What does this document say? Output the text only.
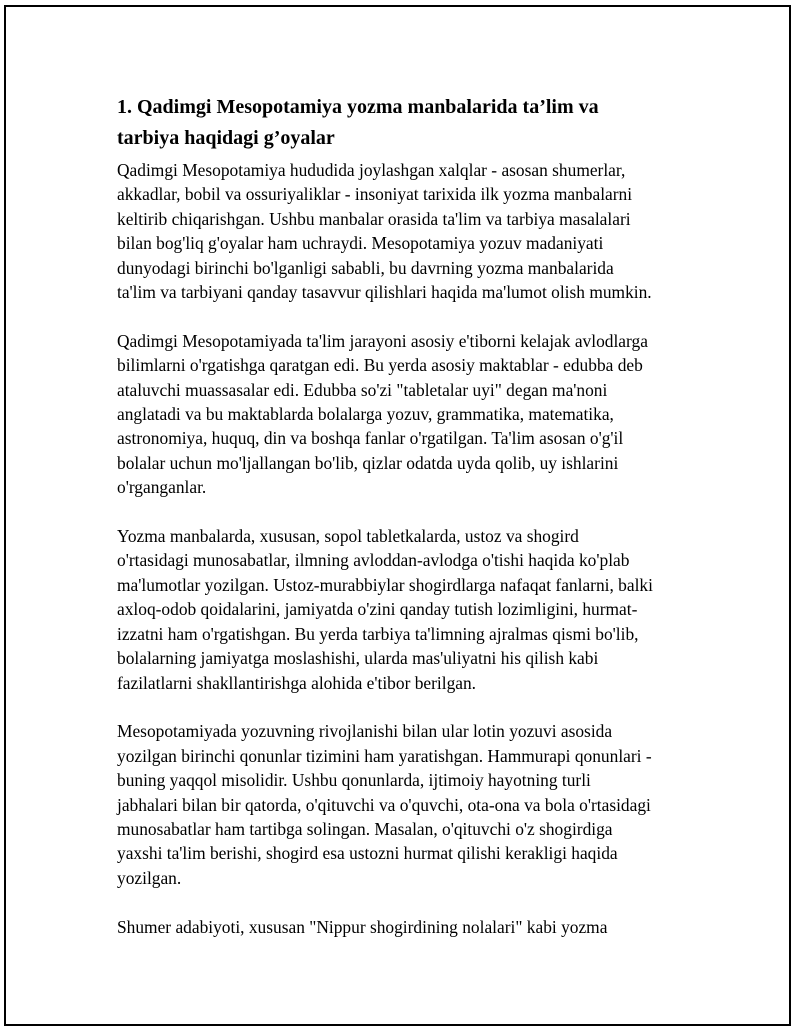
1. Qadimgi Mesopotamiya yozma manbalarida ta’lim va
tarbiya haqidagi g’oyalar

Qadimgi Mesopotamiya hududida joylashgan xalqlar - asosan shumerlar,
akkadlar, bobil va ossuriyaliklar - insoniyat tarixida ilk yozma manbalarni
keltirib chiqarishgan. Ushbu manbalar orasida ta'lim va tarbiya masalalari
bilan bog'liq g'oyalar ham uchraydi. Mesopotamiya yozuv madaniyati
dunyodagi birinchi bo'lganligi sababli, bu davrning yozma manbalarida
ta'lim va tarbiyani qanday tasavvur qilishlari haqida ma'lumot olish mumkin.

Qadimgi Mesopotamiyada ta'lim jarayoni asosiy e'tiborni kelajak avlodlarga
bilimlarni o'rgatishga qaratgan edi. Bu yerda asosiy maktablar - edubba deb
ataluvchi muassasalar edi. Edubba so'zi "tabletalar uyi" degan ma'noni
anglatadi va bu maktablarda bolalarga yozuv, grammatika, matematika,
astronomiya, huquq, din va boshqa fanlar o'rgatilgan. Ta'lim asosan o'g'il
bolalar uchun mo'ljallangan bo'lib, qizlar odatda uyda qolib, uy ishlarini
o'rganganlar.

Yozma manbalarda, xususan, sopol tabletkalarda, ustoz va shogird
o'rtasidagi munosabatlar, ilmning avloddan-avlodga o'tishi haqida ko'plab
ma'lumotlar yozilgan. Ustoz-murabbiylar shogirdlarga nafaqat fanlarni, balki
axloq-odob qoidalarini, jamiyatda o'zini qanday tutish lozimligini, hurmat-
izzatni ham o'rgatishgan. Bu yerda tarbiya ta'limning ajralmas qismi bo'lib,
bolalarning jamiyatga moslashishi, ularda mas'uliyatni his qilish kabi
fazilatlarni shakllantirishga alohida e'tibor berilgan.

Mesopotamiyada yozuvning rivojlanishi bilan ular lotin yozuvi asosida
yozilgan birinchi qonunlar tizimini ham yaratishgan. Hammurapi qonunlari -
buning yaqqol misolidir. Ushbu qonunlarda, ijtimoiy hayotning turli
jabhalari bilan bir qatorda, o'qituvchi va o'quvchi, ota-ona va bola o'rtasidagi
munosabatlar ham tartibga solingan. Masalan, o'qituvchi o'z shogirdiga
yaxshi ta'lim berishi, shogird esa ustozni hurmat qilishi kerakligi haqida
yozilgan.

Shumer adabiyoti, xususan "Nippur shogirdining nolalari" kabi yozma
